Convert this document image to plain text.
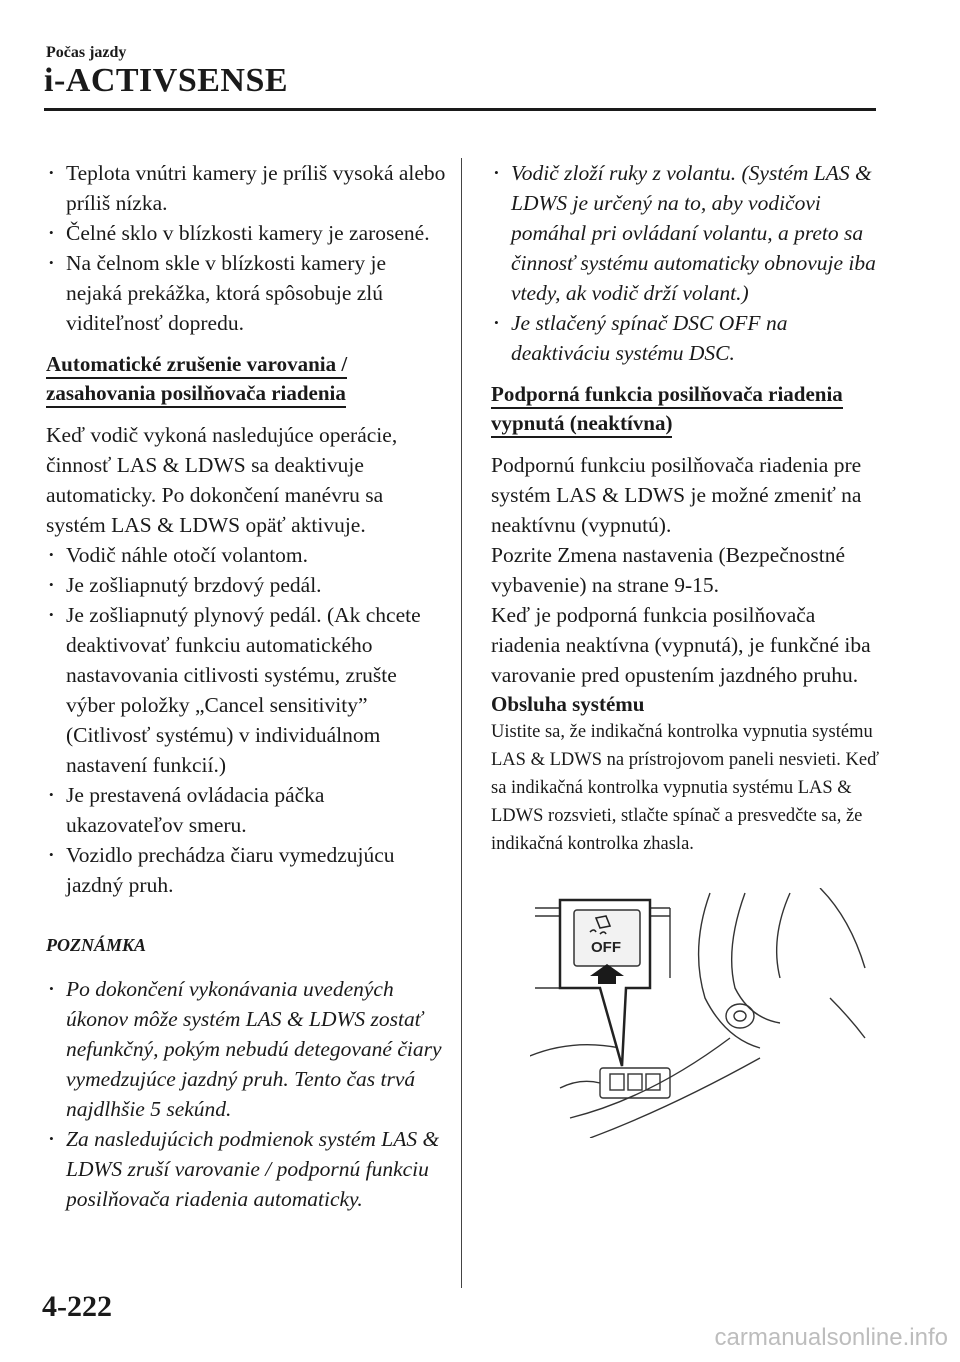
Počas jazdy
i-ACTIVSENSE
• Teplota vnútri kamery je príliš vysoká alebo príliš nízka.
• Čelné sklo v blízkosti kamery je zarosené.
• Na čelnom skle v blízkosti kamery je nejaká prekážka, ktorá spôsobuje zlú viditeľnosť dopredu.
Automatické zrušenie varovania / zasahovania posilňovača riadenia

Keď vodič vykoná nasledujúce operácie, činnosť LAS & LDWS sa deaktivuje automaticky. Po dokončení manévru sa systém LAS & LDWS opäť aktivuje.

• Vodič náhle otočí volantom.
• Je zošliapnutý brzdový pedál.
• Je zošliapnutý plynový pedál. (Ak chcete deaktivovať funkciu automatického nastavovania citlivosti systému, zrušte výber položky „Cancel sensitivity” (Citlivosť systému) v individuálnom nastavení funkcií.)
• Je prestavená ovládacia páčka ukazovateľov smeru.
• Vozidlo prechádza čiaru vymedzujúcu jazdný pruh.
POZNÁMKA
• Po dokončení vykonávania uvedených úkonov môže systém LAS & LDWS zostať nefunkčný, pokým nebudú detegované čiary vymedzujúce jazdný pruh. Tento čas trvá najdlhšie 5 sekúnd.
• Za nasledujúcich podmienok systém LAS & LDWS zruší varovanie / podpornú funkciu posilňovača riadenia automaticky.
• Vodič zloží ruky z volantu. (Systém LAS & LDWS je určený na to, aby vodičovi pomáhal pri ovládaní volantu, a preto sa činnosť systému automaticky obnovuje iba vtedy, ak vodič drží volant.)
• Je stlačený spínač DSC OFF na deaktiváciu systému DSC.
Podporná funkcia posilňovača riadenia vypnutá (neaktívna)

Podpornú funkciu posilňovača riadenia pre systém LAS & LDWS je možné zmeniť na neaktívnu (vypnutú).

Pozrite Zmena nastavenia (Bezpečnostné vybavenie) na strane 9-15.

Keď je podporná funkcia posilňovača riadenia neaktívna (vypnutá), je funkčné iba varovanie pred opustením jazdného pruhu.

Obsluha systému

Uistite sa, že indikačná kontrolka vypnutia systému LAS & LDWS na prístrojovom paneli nesvieti. Keď sa indikačná kontrolka vypnutia systému LAS & LDWS rozsvieti, stlačte spínač a presvedčte sa, že indikačná kontrolka zhasla.

OFF
4-222
carmanualsonline.info
